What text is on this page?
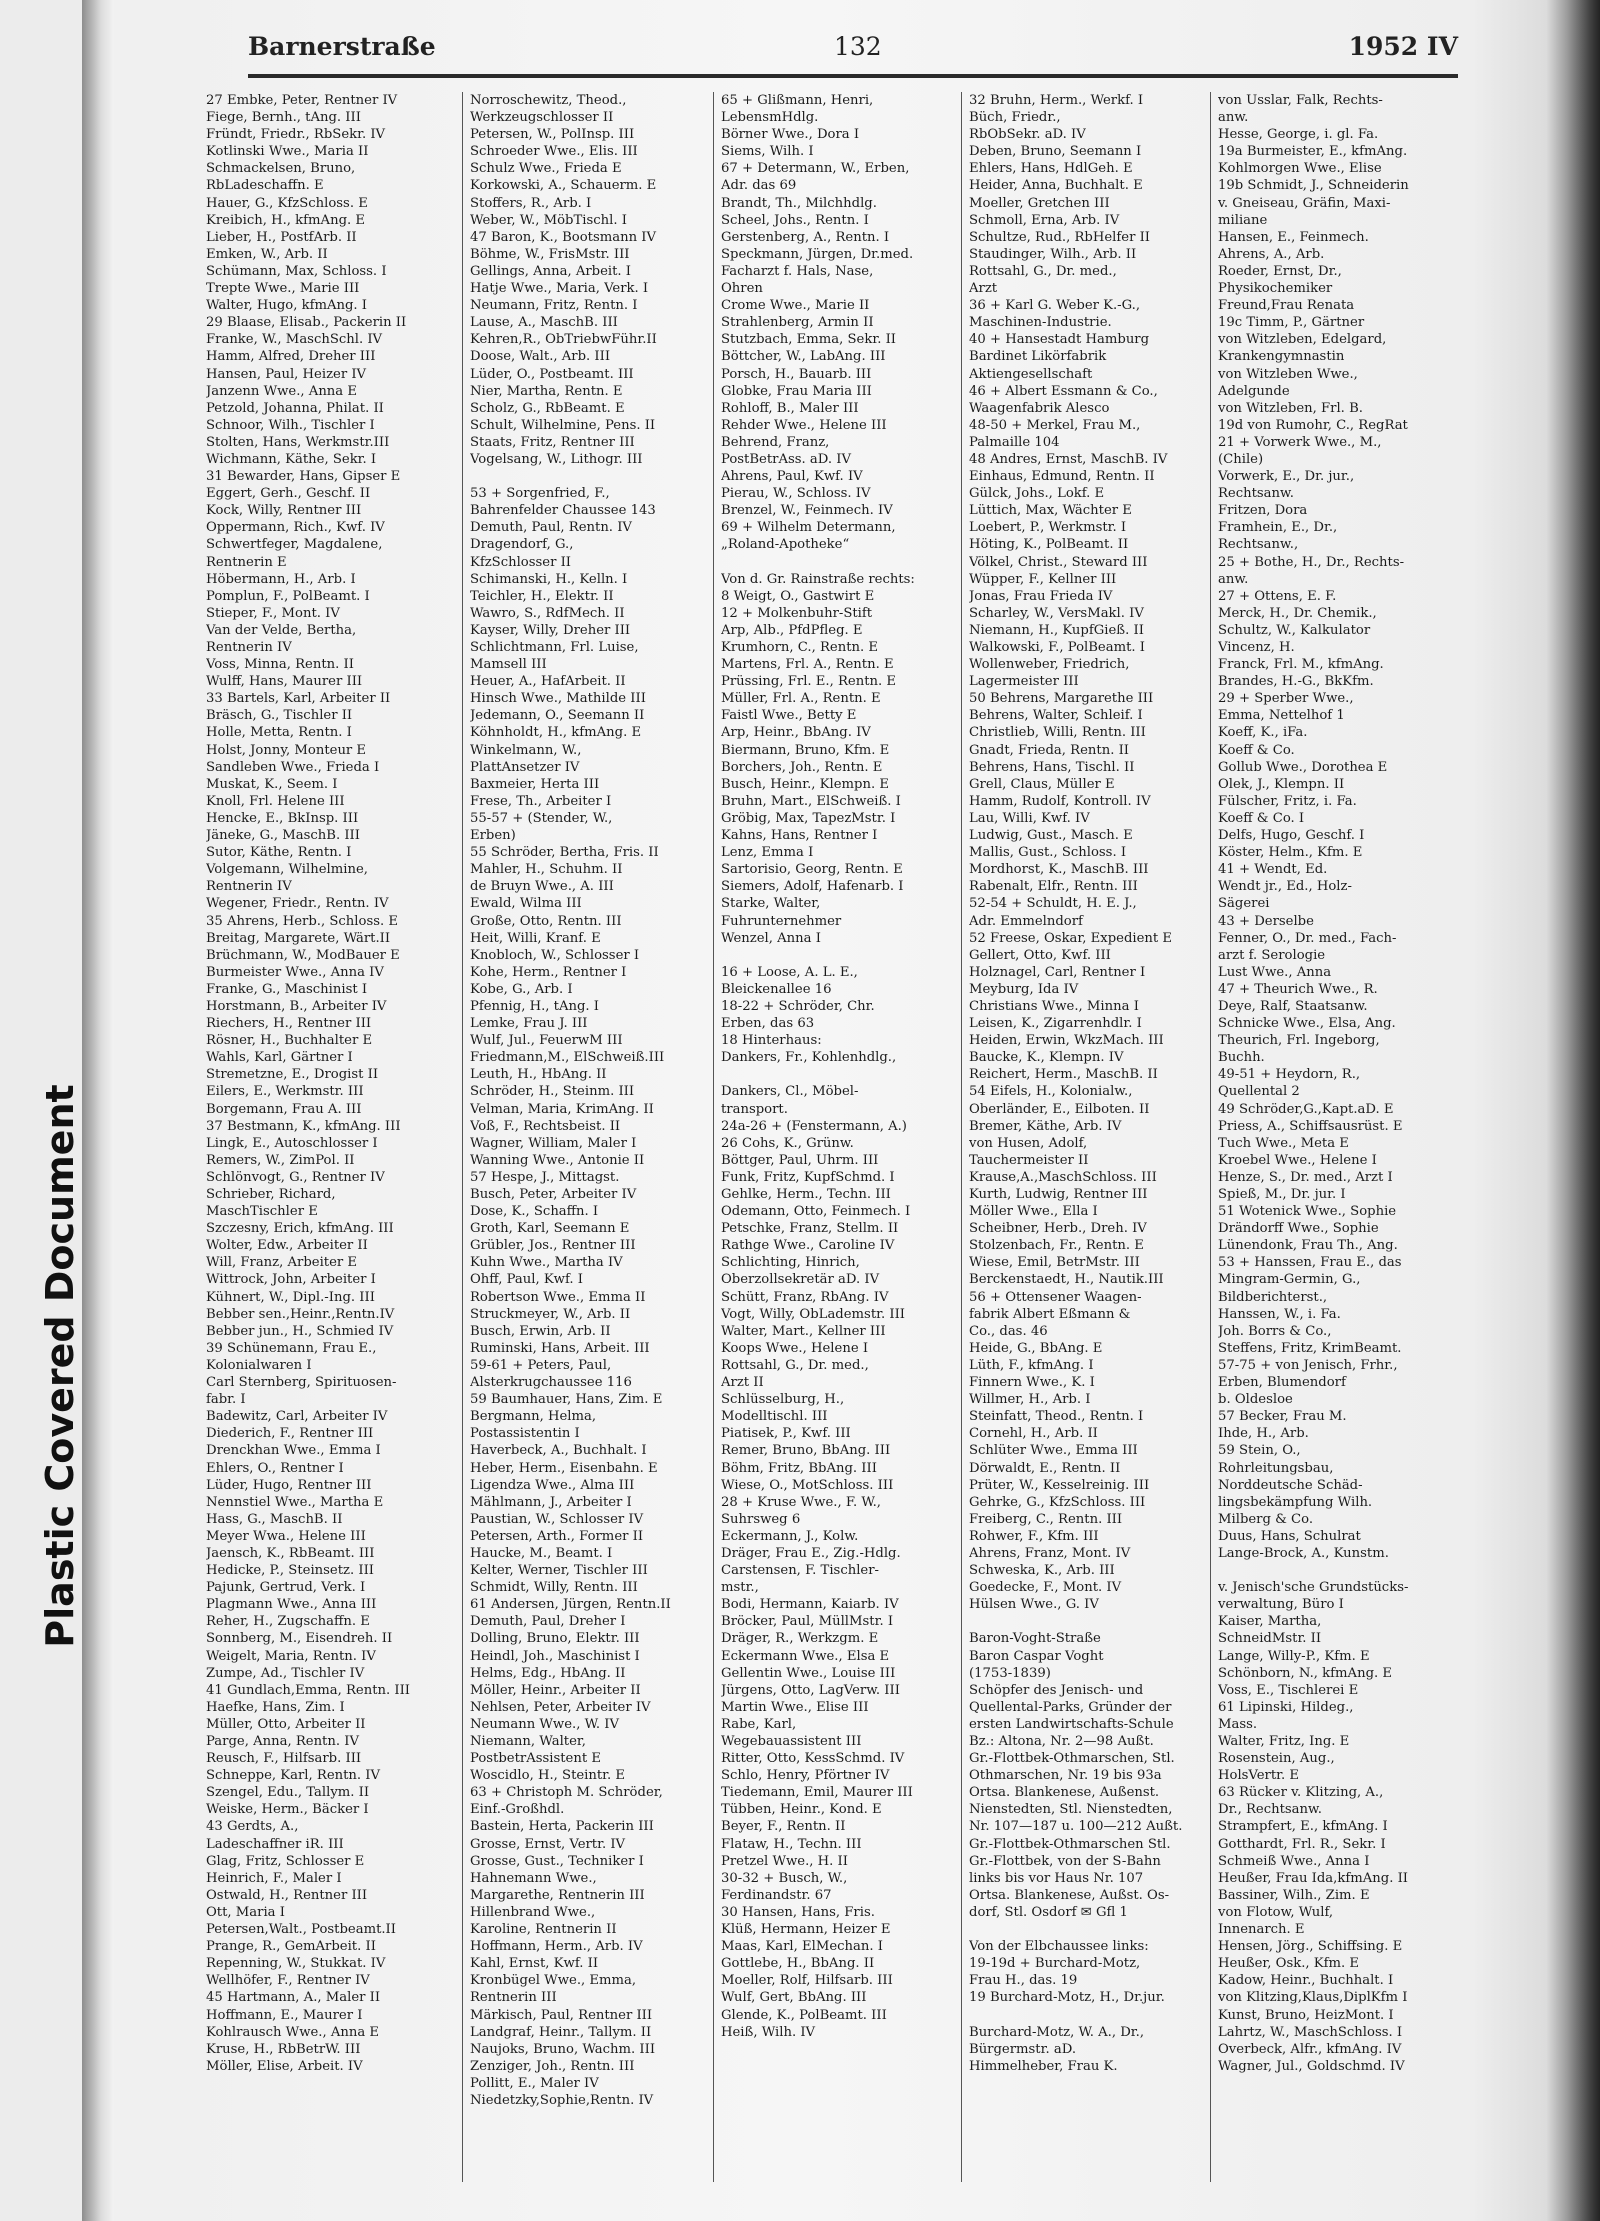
Plastic Covered Document
Barnerstraße	132	1952 IV
27 Embke, Peter, Rentner IV
Fiege, Bernh., tAng. III
Fründt, Friedr., RbSekr. IV
Kotlinski Wwe., Maria II
Schmackelsen, Bruno,
RbLadeschaffn. E
Hauer, G., KfzSchloss. E
Kreibich, H., kfmAng. E
Lieber, H., PostfArb. II
Emken, W., Arb. II
Schümann, Max, Schloss. I
Trepte Wwe., Marie III
Walter, Hugo, kfmAng. I
29 Blaase, Elisab., Packerin II
Franke, W., MaschSchl. IV
Hamm, Alfred, Dreher III
Hansen, Paul, Heizer IV
Janzenn Wwe., Anna E
Petzold, Johanna, Philat. II
Schnoor, Wilh., Tischler I
Stolten, Hans, Werkmstr.III
Wichmann, Käthe, Sekr. I
31 Bewarder, Hans, Gipser E
Eggert, Gerh., Geschf. II
Kock, Willy, Rentner III
Oppermann, Rich., Kwf. IV
Schwertfeger, Magdalene,
Rentnerin E
Höbermann, H., Arb. I
Pomplun, F., PolBeamt. I
Stieper, F., Mont. IV
Van der Velde, Bertha,
Rentnerin IV
Voss, Minna, Rentn. II
Wulff, Hans, Maurer III
33 Bartels, Karl, Arbeiter II
Bräsch, G., Tischler II
Holle, Metta, Rentn. I
Holst, Jonny, Monteur E
Sandleben Wwe., Frieda I
Muskat, K., Seem. I
Knoll, Frl. Helene III
Hencke, E., BkInsp. III
Jäneke, G., MaschB. III
Sutor, Käthe, Rentn. I
Volgemann, Wilhelmine,
Rentnerin IV
Wegener, Friedr., Rentn. IV
35 Ahrens, Herb., Schloss. E
Breitag, Margarete, Wärt.II
Brüchmann, W., ModBauer E
Burmeister Wwe., Anna IV
Franke, G., Maschinist I
Horstmann, B., Arbeiter IV
Riechers, H., Rentner III
Rösner, H., Buchhalter E
Wahls, Karl, Gärtner I
Stremetzne, E., Drogist II
Eilers, E., Werkmstr. III
Borgemann, Frau A. III
37 Bestmann, K., kfmAng. III
Lingk, E., Autoschlosser I
Remers, W., ZimPol. II
Schlönvogt, G., Rentner IV
Schrieber, Richard,
MaschTischler E
Szczesny, Erich, kfmAng. III
Wolter, Edw., Arbeiter II
Will, Franz, Arbeiter E
Wittrock, John, Arbeiter I
Kühnert, W., Dipl.-Ing. III
Bebber sen.,Heinr.,Rentn.IV
Bebber jun., H., Schmied IV
39 Schünemann, Frau E.,
Kolonialwaren I
Carl Sternberg, Spirituosen-
fabr. I
Badewitz, Carl, Arbeiter IV
Diederich, F., Rentner III
Drenckhan Wwe., Emma I
Ehlers, O., Rentner I
Lüder, Hugo, Rentner III
Nennstiel Wwe., Martha E
Hass, G., MaschB. II
Meyer Wwa., Helene III
Jaensch, K., RbBeamt. III
Hedicke, P., Steinsetz. III
Pajunk, Gertrud, Verk. I
Plagmann Wwe., Anna III
Reher, H., Zugschaffn. E
Sonnberg, M., Eisendreh. II
Weigelt, Maria, Rentn. IV
Zumpe, Ad., Tischler IV
41 Gundlach,Emma, Rentn. III
Haefke, Hans, Zim. I
Müller, Otto, Arbeiter II
Parge, Anna, Rentn. IV
Reusch, F., Hilfsarb. III
Schneppe, Karl, Rentn. IV
Szengel, Edu., Tallym. II
Weiske, Herm., Bäcker I
43 Gerdts, A.,
Ladeschaffner iR. III
Glag, Fritz, Schlosser E
Heinrich, F., Maler I
Ostwald, H., Rentner III
Ott, Maria I
Petersen,Walt., Postbeamt.II
Prange, R., GemArbeit. II
Repenning, W., Stukkat. IV
Wellhöfer, F., Rentner IV
45 Hartmann, A., Maler II
Hoffmann, E., Maurer I
Kohlrausch Wwe., Anna E
Kruse, H., RbBetrW. III
Möller, Elise, Arbeit. IV
Norroschewitz, Theod.,
Werkzeugschlosser II
Petersen, W., PolInsp. III
Schroeder Wwe., Elis. III
Schulz Wwe., Frieda E
Korkowski, A., Schauerm. E
Stoffers, R., Arb. I
Weber, W., MöbTischl. I
47 Baron, K., Bootsmann IV
Böhme, W., FrisMstr. III
Gellings, Anna, Arbeit. I
Hatje Wwe., Maria, Verk. I
Neumann, Fritz, Rentn. I
Lause, A., MaschB. III
Kehren,R., ObTriebwFühr.II
Doose, Walt., Arb. III
Lüder, O., Postbeamt. III
Nier, Martha, Rentn. E
Scholz, G., RbBeamt. E
Schult, Wilhelmine, Pens. II
Staats, Fritz, Rentner III
Vogelsang, W., Lithogr. III

53 + Sorgenfried, F.,
Bahrenfelder Chaussee 143
Demuth, Paul, Rentn. IV
Dragendorf, G.,
KfzSchlosser II
Schimanski, H., Kelln. I
Teichler, H., Elektr. II
Wawro, S., RdfMech. II
Kayser, Willy, Dreher III
Schlichtmann, Frl. Luise,
Mamsell III
Heuer, A., HafArbeit. II
Hinsch Wwe., Mathilde III
Jedemann, O., Seemann II
Köhnholdt, H., kfmAng. E
Winkelmann, W.,
PlattAnsetzer IV
Baxmeier, Herta III
Frese, Th., Arbeiter I
55-57 + (Stender, W.,
Erben)
55 Schröder, Bertha, Fris. II
Mahler, H., Schuhm. II
de Bruyn Wwe., A. III
Ewald, Wilma III
Große, Otto, Rentn. III
Heit, Willi, Kranf. E
Knobloch, W., Schlosser I
Kohe, Herm., Rentner I
Kobe, G., Arb. I
Pfennig, H., tAng. I
Lemke, Frau J. III
Wulf, Jul., FeuerwM III
Friedmann,M., ElSchweiß.III
Leuth, H., HbAng. II
Schröder, H., Steinm. III
Velman, Maria, KrimAng. II
Voß, F., Rechtsbeist. II
Wagner, William, Maler I
Wanning Wwe., Antonie II
57 Hespe, J., Mittagst.
Busch, Peter, Arbeiter IV
Dose, K., Schaffn. I
Groth, Karl, Seemann E
Grübler, Jos., Rentner III
Kuhn Wwe., Martha IV
Ohff, Paul, Kwf. I
Robertson Wwe., Emma II
Struckmeyer, W., Arb. II
Busch, Erwin, Arb. II
Ruminski, Hans, Arbeit. III
59-61 + Peters, Paul,
Alsterkrugchaussee 116
59 Baumhauer, Hans, Zim. E
Bergmann, Helma,
Postassistentin I
Haverbeck, A., Buchhalt. I
Heber, Herm., Eisenbahn. E
Ligendza Wwe., Alma III
Mählmann, J., Arbeiter I
Paustian, W., Schlosser IV
Petersen, Arth., Former II
Haucke, M., Beamt. I
Kelter, Werner, Tischler III
Schmidt, Willy, Rentn. III
61 Andersen, Jürgen, Rentn.II
Demuth, Paul, Dreher I
Dolling, Bruno, Elektr. III
Heindl, Joh., Maschinist I
Helms, Edg., HbAng. II
Möller, Heinr., Arbeiter II
Nehlsen, Peter, Arbeiter IV
Neumann Wwe., W. IV
Niemann, Walter,
PostbetrAssistent E
Woscidlo, H., Steintr. E
63 + Christoph M. Schröder,
Einf.-Großhdl.
Bastein, Herta, Packerin III
Grosse, Ernst, Vertr. IV
Grosse, Gust., Techniker I
Hahnemann Wwe.,
Margarethe, Rentnerin III
Hillenbrand Wwe.,
Karoline, Rentnerin II
Hoffmann, Herm., Arb. IV
Kahl, Ernst, Kwf. II
Kronbügel Wwe., Emma,
Rentnerin III
Märkisch, Paul, Rentner III
Landgraf, Heinr., Tallym. II
Naujoks, Bruno, Wachm. III
Zenziger, Joh., Rentn. III
Pollitt, E., Maler IV
Niedetzky,Sophie,Rentn. IV
65 + Glißmann, Henri,
LebensmHdlg.
Börner Wwe., Dora I
Siems, Wilh. I
67 + Determann, W., Erben,
Adr. das 69
Brandt, Th., Milchhdlg.
Scheel, Johs., Rentn. I
Gerstenberg, A., Rentn. I
Speckmann, Jürgen, Dr.med.
Facharzt f. Hals, Nase,
Ohren
Crome Wwe., Marie II
Strahlenberg, Armin II
Stutzbach, Emma, Sekr. II
Böttcher, W., LabAng. III
Porsch, H., Bauarb. III
Globke, Frau Maria III
Rohloff, B., Maler III
Rehder Wwe., Helene III
Behrend, Franz,
PostBetrAss. aD. IV
Ahrens, Paul, Kwf. IV
Pierau, W., Schloss. IV
Brenzel, W., Feinmech. IV
69 + Wilhelm Determann,
„Roland-Apotheke“

Von d. Gr. Rainstraße rechts:
8 Weigt, O., Gastwirt E
12 + Molkenbuhr-Stift
Arp, Alb., PfdPfleg. E
Krumhorn, C., Rentn. E
Martens, Frl. A., Rentn. E
Prüssing, Frl. E., Rentn. E
Müller, Frl. A., Rentn. E
Faistl Wwe., Betty E
Arp, Heinr., BbAng. IV
Biermann, Bruno, Kfm. E
Borchers, Joh., Rentn. E
Busch, Heinr., Klempn. E
Bruhn, Mart., ElSchweiß. I
Gröbig, Max, TapezMstr. I
Kahns, Hans, Rentner I
Lenz, Emma I
Sartorisio, Georg, Rentn. E
Siemers, Adolf, Hafenarb. I
Starke, Walter,
Fuhrunternehmer
Wenzel, Anna I

16 + Loose, A. L. E.,
Bleickenallee 16
18-22 + Schröder, Chr.
Erben, das 63
18 Hinterhaus:
Dankers, Fr., Kohlenhdlg.,

Dankers, Cl., Möbel-
transport.
24a-26 + (Fenstermann, A.)
26 Cohs, K., Grünw.
Böttger, Paul, Uhrm. III
Funk, Fritz, KupfSchmd. I
Gehlke, Herm., Techn. III
Odemann, Otto, Feinmech. I
Petschke, Franz, Stellm. II
Rathge Wwe., Caroline IV
Schlichting, Hinrich,
Oberzollsekretär aD. IV
Schütt, Franz, RbAng. IV
Vogt, Willy, ObLademstr. III
Walter, Mart., Kellner III
Koops Wwe., Helene I
Rottsahl, G., Dr. med.,
Arzt II
Schlüsselburg, H.,
Modelltischl. III
Piatisek, P., Kwf. III
Remer, Bruno, BbAng. III
Böhm, Fritz, BbAng. III
Wiese, O., MotSchloss. III
28 + Kruse Wwe., F. W.,
Suhrsweg 6
Eckermann, J., Kolw.
Dräger, Frau E., Zig.-Hdlg.
Carstensen, F. Tischler-
mstr.,
Bodi, Hermann, Kaiarb. IV
Bröcker, Paul, MüllMstr. I
Dräger, R., Werkzgm. E
Eckermann Wwe., Elsa E
Gellentin Wwe., Louise III
Jürgens, Otto, LagVerw. III
Martin Wwe., Elise III
Rabe, Karl,
Wegebauassistent III
Ritter, Otto, KessSchmd. IV
Schlo, Henry, Pförtner IV
Tiedemann, Emil, Maurer III
Tübben, Heinr., Kond. E
Beyer, F., Rentn. II
Flataw, H., Techn. III
Pretzel Wwe., H. II
30-32 + Busch, W.,
Ferdinandstr. 67
30 Hansen, Hans, Fris.
Klüß, Hermann, Heizer E
Maas, Karl, ElMechan. I
Gottlebe, H., BbAng. II
Moeller, Rolf, Hilfsarb. III
Wulf, Gert, BbAng. III
Glende, K., PolBeamt. III
Heiß, Wilh. IV
32 Bruhn, Herm., Werkf. I
Büch, Friedr.,
RbObSekr. aD. IV
Deben, Bruno, Seemann I
Ehlers, Hans, HdlGeh. E
Heider, Anna, Buchhalt. E
Moeller, Gretchen III
Schmoll, Erna, Arb. IV
Schultze, Rud., RbHelfer II
Staudinger, Wilh., Arb. II
Rottsahl, G., Dr. med.,
Arzt
36 + Karl G. Weber K.-G.,
Maschinen-Industrie.
40 + Hansestadt Hamburg
Bardinet Likörfabrik
Aktiengesellschaft
46 + Albert Essmann & Co.,
Waagenfabrik Alesco
48-50 + Merkel, Frau M.,
Palmaille 104
48 Andres, Ernst, MaschB. IV
Einhaus, Edmund, Rentn. II
Gülck, Johs., Lokf. E
Lüttich, Max, Wächter E
Loebert, P., Werkmstr. I
Höting, K., PolBeamt. II
Völkel, Christ., Steward III
Wüpper, F., Kellner III
Jonas, Frau Frieda IV
Scharley, W., VersMakl. IV
Niemann, H., KupfGieß. II
Walkowski, F., PolBeamt. I
Wollenweber, Friedrich,
Lagermeister III
50 Behrens, Margarethe III
Behrens, Walter, Schleif. I
Christlieb, Willi, Rentn. III
Gnadt, Frieda, Rentn. II
Behrens, Hans, Tischl. II
Grell, Claus, Müller E
Hamm, Rudolf, Kontroll. IV
Lau, Willi, Kwf. IV
Ludwig, Gust., Masch. E
Mallis, Gust., Schloss. I
Mordhorst, K., MaschB. III
Rabenalt, Elfr., Rentn. III
52-54 + Schuldt, H. E. J.,
Adr. Emmelndorf
52 Freese, Oskar, Expedient E
Gellert, Otto, Kwf. III
Holznagel, Carl, Rentner I
Meyburg, Ida IV
Christians Wwe., Minna I
Leisen, K., Zigarrenhdlr. I
Heiden, Erwin, WkzMach. III
Baucke, K., Klempn. IV
Reichert, Herm., MaschB. II
54 Eifels, H., Kolonialw.,
Oberländer, E., Eilboten. II
Bremer, Käthe, Arb. IV
von Husen, Adolf,
Tauchermeister II
Krause,A.,MaschSchloss. III
Kurth, Ludwig, Rentner III
Möller Wwe., Ella I
Scheibner, Herb., Dreh. IV
Stolzenbach, Fr., Rentn. E
Wiese, Emil, BetrMstr. III
Berckenstaedt, H., Nautik.III
56 + Ottensener Waagen-
fabrik Albert Eßmann &
Co., das. 46
Heide, G., BbAng. E
Lüth, F., kfmAng. I
Finnern Wwe., K. I
Willmer, H., Arb. I
Steinfatt, Theod., Rentn. I
Cornehl, H., Arb. II
Schlüter Wwe., Emma III
Dörwaldt, E., Rentn. II
Prüter, W., Kesselreinig. III
Gehrke, G., KfzSchloss. III
Freiberg, C., Rentn. III
Rohwer, F., Kfm. III
Ahrens, Franz, Mont. IV
Schweska, K., Arb. III
Goedecke, F., Mont. IV
Hülsen Wwe., G. IV

Baron-Voght-Straße
Baron Caspar Voght
(1753-1839)
Schöpfer des Jenisch- und
Quellental-Parks, Gründer der
ersten Landwirtschafts-Schule
Bz.: Altona, Nr. 2—98 Außt.
Gr.-Flottbek-Othmarschen, Stl.
Othmarschen, Nr. 19 bis 93a
Ortsa. Blankenese, Außenst.
Nienstedten, Stl. Nienstedten,
Nr. 107—187 u. 100—212 Außt.
Gr.-Flottbek-Othmarschen Stl.
Gr.-Flottbek, von der S-Bahn
links bis vor Haus Nr. 107
Ortsa. Blankenese, Außst. Os-
dorf, Stl. Osdorf ✉ Gfl 1

Von der Elbchaussee links:
19-19d + Burchard-Motz,
Frau H., das. 19
19 Burchard-Motz, H., Dr.jur.

Burchard-Motz, W. A., Dr.,
Bürgermstr. aD.
Himmelheber, Frau K.
von Usslar, Falk, Rechts-
anw.
Hesse, George, i. gl. Fa.
19a Burmeister, E., kfmAng.
Kohlmorgen Wwe., Elise
19b Schmidt, J., Schneiderin
v. Gneiseau, Gräfin, Maxi-
miliane
Hansen, E., Feinmech.
Ahrens, A., Arb.
Roeder, Ernst, Dr.,
Physikochemiker
Freund,Frau Renata
19c Timm, P., Gärtner
von Witzleben, Edelgard,
Krankengymnastin
von Witzleben Wwe.,
Adelgunde
von Witzleben, Frl. B.
19d von Rumohr, C., RegRat
21 + Vorwerk Wwe., M.,
(Chile)
Vorwerk, E., Dr. jur.,
Rechtsanw.
Fritzen, Dora
Framhein, E., Dr.,
Rechtsanw.,
25 + Bothe, H., Dr., Rechts-
anw.
27 + Ottens, E. F.
Merck, H., Dr. Chemik.,
Schultz, W., Kalkulator
Vincenz, H.
Franck, Frl. M., kfmAng.
Brandes, H.-G., BkKfm.
29 + Sperber Wwe.,
Emma, Nettelhof 1
Koeff, K., iFa.
Koeff & Co.
Gollub Wwe., Dorothea E
Olek, J., Klempn. II
Fülscher, Fritz, i. Fa.
Koeff & Co. I
Delfs, Hugo, Geschf. I
Köster, Helm., Kfm. E
41 + Wendt, Ed.
Wendt jr., Ed., Holz-
Sägerei
43 + Derselbe
Fenner, O., Dr. med., Fach-
arzt f. Serologie
Lust Wwe., Anna
47 + Theurich Wwe., R.
Deye, Ralf, Staatsanw.
Schnicke Wwe., Elsa, Ang.
Theurich, Frl. Ingeborg,
Buchh.
49-51 + Heydorn, R.,
Quellental 2
49 Schröder,G.,Kapt.aD. E
Priess, A., Schiffsausrüst. E
Tuch Wwe., Meta E
Kroebel Wwe., Helene I
Henze, S., Dr. med., Arzt I
Spieß, M., Dr. jur. I
51 Wotenick Wwe., Sophie
Drändorff Wwe., Sophie
Lünendonk, Frau Th., Ang.
53 + Hanssen, Frau E., das
Mingram-Germin, G.,
Bildberichterst.,
Hanssen, W., i. Fa.
Joh. Borrs & Co.,
Steffens, Fritz, KrimBeamt.
57-75 + von Jenisch, Frhr.,
Erben, Blumendorf
b. Oldesloe
57 Becker, Frau M.
Ihde, H., Arb.
59 Stein, O.,
Rohrleitungsbau,
Norddeutsche Schäd-
lingsbekämpfung Wilh.
Milberg & Co.
Duus, Hans, Schulrat
Lange-Brock, A., Kunstm.

v. Jenisch'sche Grundstücks-
verwaltung, Büro I
Kaiser, Martha,
SchneidMstr. II
Lange, Willy-P., Kfm. E
Schönborn, N., kfmAng. E
Voss, E., Tischlerei E
61 Lipinski, Hildeg.,
Mass.
Walter, Fritz, Ing. E
Rosenstein, Aug.,
HolsVertr. E
63 Rücker v. Klitzing, A.,
Dr., Rechtsanw.
Strampfert, E., kfmAng. I
Gotthardt, Frl. R., Sekr. I
Schmeiß Wwe., Anna I
Heußer, Frau Ida,kfmAng. II
Bassiner, Wilh., Zim. E
von Flotow, Wulf,
Innenarch. E
Hensen, Jörg., Schiffsing. E
Heußer, Osk., Kfm. E
Kadow, Heinr., Buchhalt. I
von Klitzing,Klaus,DiplKfm I
Kunst, Bruno, HeizMont. I
Lahrtz, W., MaschSchloss. I
Overbeck, Alfr., kfmAng. IV
Wagner, Jul., Goldschmd. IV
